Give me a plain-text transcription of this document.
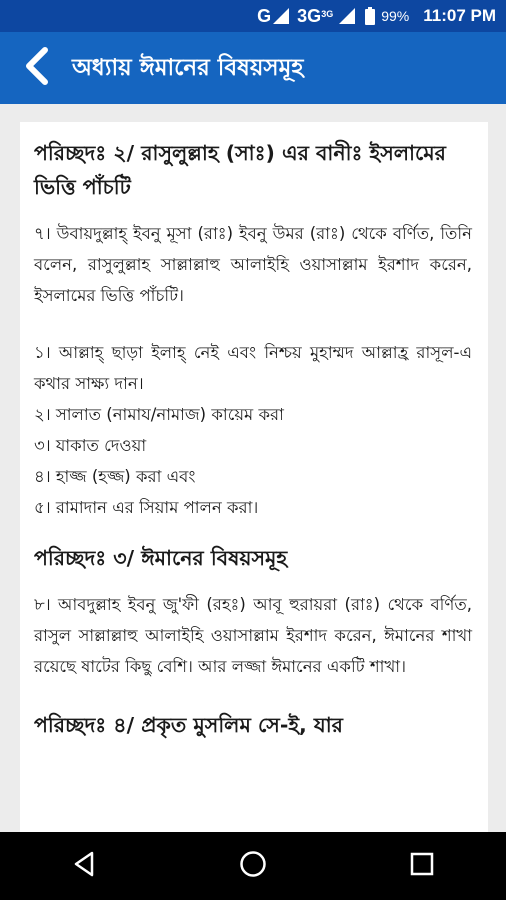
G $3G^{3G}$	99% 11:07 PM
অধ্যায় ঈমানের বিষয়সমূহ
পরিচ্ছদঃ ২/ রাসুলুল্লাহ (সাঃ) এর বানীঃ ইসলামের ভিত্তি পাঁচটি
৭। উবায়দুল্লাহ্ ইবনু মূসা (রাঃ) ইবনু উমর (রাঃ) থেকে বর্ণিত, তিনি বলেন, রাসুলুল্লাহ সাল্লাল্লাহু আলাইহি ওয়াসাল্লাম ইরশাদ করেন, ইসলামের ভিত্তি পাঁচটি।
১। আল্লাহ্ ছাড়া ইলাহ্ নেই এবং নিশ্চয় মুহাম্মদ আল্লাহ্র রাসূল-এ কথার সাক্ষ্য দান।
২। সালাত (নামায/নামাজ) কায়েম করা
৩। যাকাত দেওয়া
৪। হাজ্জ (হজ্জ) করা এবং
৫। রামাদান এর সিয়াম পালন করা।
পরিচ্ছদঃ ৩/ ঈমানের বিষয়সমূহ
৮। আবদুল্লাহ ইবনু জু'ফী (রহঃ) আবূ হুরায়রা (রাঃ) থেকে বর্ণিত, রাসুল সাল্লাল্লাহু আলাইহি ওয়াসাল্লাম ইরশাদ করেন, ঈমানের শাখা রয়েছে ষাটের কিছু বেশি। আর লজ্জা ঈমানের একটি শাখা।
পরিচ্ছদঃ ৪/ প্রকৃত মুসলিম সে-ই, যার
